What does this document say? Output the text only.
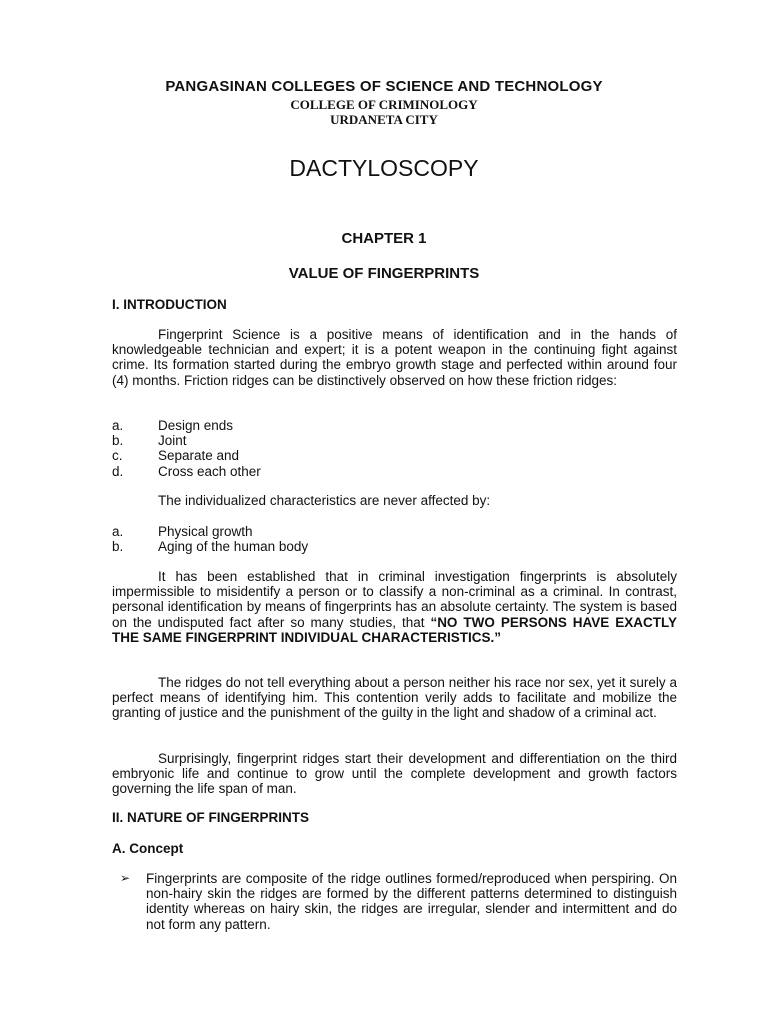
PANGASINAN COLLEGES OF SCIENCE AND TECHNOLOGY
COLLEGE OF CRIMINOLOGY
URDANETA CITY
DACTYLOSCOPY
CHAPTER 1
VALUE OF FINGERPRINTS
I. INTRODUCTION
Fingerprint Science is a positive means of identification and in the hands of knowledgeable technician and expert; it is a potent weapon in the continuing fight against crime. Its formation started during the embryo growth stage and perfected within around four (4) months. Friction ridges can be distinctively observed on how these friction ridges:
a.	Design ends
b.	Joint
c.	Separate and
d.	Cross each other
The individualized characteristics are never affected by:
a.	Physical growth
b.	Aging of the human body
It has been established that in criminal investigation fingerprints is absolutely impermissible to misidentify a person or to classify a non-criminal as a criminal. In contrast, personal identification by means of fingerprints has an absolute certainty. The system is based on the undisputed fact after so many studies, that “NO TWO PERSONS HAVE EXACTLY THE SAME FINGERPRINT INDIVIDUAL CHARACTERISTICS.”
The ridges do not tell everything about a person neither his race nor sex, yet it surely a perfect means of identifying him. This contention verily adds to facilitate and mobilize the granting of justice and the punishment of the guilty in the light and shadow of a criminal act.
Surprisingly, fingerprint ridges start their development and differentiation on the third embryonic life and continue to grow until the complete development and growth factors governing the life span of man.
II. NATURE OF FINGERPRINTS
A. Concept
➢	Fingerprints are composite of the ridge outlines formed/reproduced when perspiring. On non-hairy skin the ridges are formed by the different patterns determined to distinguish identity whereas on hairy skin, the ridges are irregular, slender and intermittent and do not form any pattern.
